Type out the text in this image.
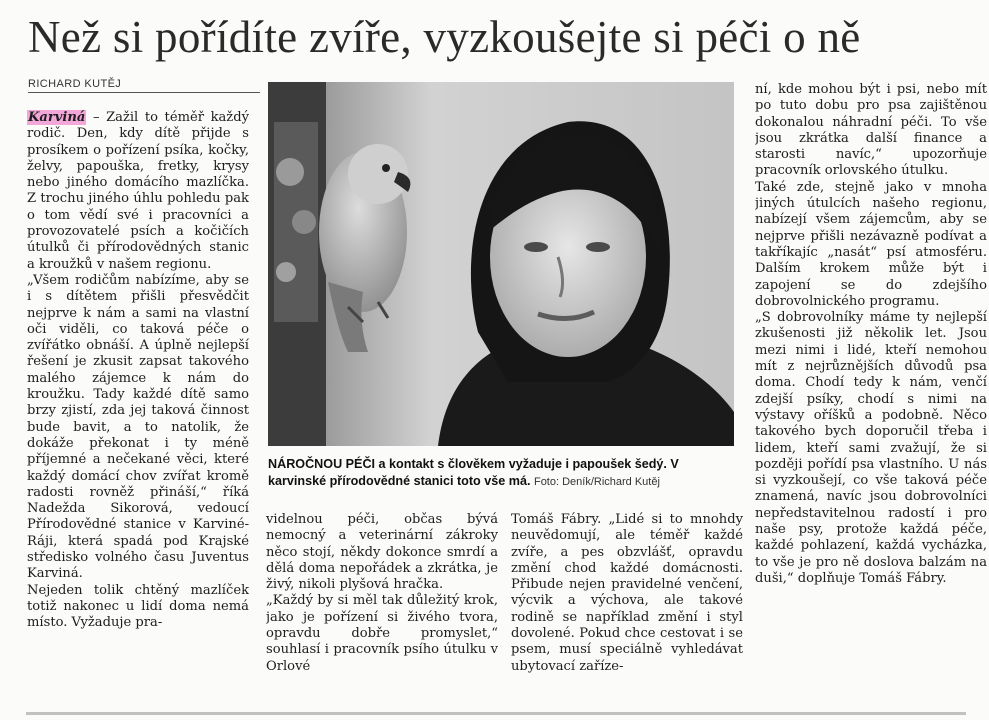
Než si pořídíte zvíře, vyzkoušejte si péči o ně
RICHARD KUTĚJ
Karviná – Zažil to téměř každý rodič. Den, kdy dítě přijde s prosíkem o pořízení psíka, kočky, želvy, papouška, fretky, krysy nebo jiného domácího mazlíčka. Z trochu jiného úhlu pohledu pak o tom vědí své i pracovníci a provozovatelé psích a kočičích útulků či přírodovědných stanic a kroužků v našem regionu.
„Všem rodičům nabízíme, aby se i s dítětem přišli přesvědčit nejprve k nám a sami na vlastní oči viděli, co taková péče o zvířátko obnáší. A úplně nejlepší řešení je zkusit zapsat takového malého zájemce k nám do kroužku. Tady každé dítě samo brzy zjistí, zda jej taková činnost bude bavit, a to natolik, že dokáže překonat i ty méně příjemné a nečekané věci, které každý domácí chov zvířat kromě radosti rovněž přináší,“ říká Nadežda Sikorová, vedoucí Přírodovědné stanice v Karviné-Ráji, která spadá pod Krajské středisko volného času Juventus Karviná.
Nejeden tolik chtěný mazlíček totiž nakonec u lidí doma nemá místo. Vyžaduje pra-
NÁROČNOU PÉČI a kontakt s člověkem vyžaduje i papoušek šedý. V karvinské přírodovědné stanici toto vše má. Foto: Deník/Richard Kutěj
videlnou péči, občas bývá nemocný a veterinární zákroky něco stojí, někdy dokonce smrdí a dělá doma nepořádek a zkrátka, je živý, nikoli plyšová hračka.
„Každý by si měl tak důležitý krok, jako je pořízení si živého tvora, opravdu dobře promyslet,“ souhlasí i pracovník psího útulku v Orlové
Tomáš Fábry. „Lidé si to mnohdy neuvědomují, ale téměř každé zvíře, a pes obzvlášť, opravdu změní chod každé domácnosti. Přibude nejen pravidelné venčení, výcvik a výchova, ale takové rodině se například změní i styl dovolené. Pokud chce cestovat i se psem, musí speciálně vyhledávat ubytovací zaříze-
ní, kde mohou být i psi, nebo mít po tuto dobu pro psa zajištěnou dokonalou náhradní péči. To vše jsou zkrátka další finance a starosti navíc,“ upozorňuje pracovník orlovského útulku.
Také zde, stejně jako v mnoha jiných útulcích našeho regionu, nabízejí všem zájemcům, aby se nejprve přišli nezávazně podívat a takříkajíc „nasát“ psí atmosféru. Dalším krokem může být i zapojení se do zdejšího dobrovolnického programu.
„S dobrovolníky máme ty nejlepší zkušenosti již několik let. Jsou mezi nimi i lidé, kteří nemohou mít z nejrůznějších důvodů psa doma. Chodí tedy k nám, venčí zdejší psíky, chodí s nimi na výstavy oříšků a podobně. Něco takového bych doporučil třeba i lidem, kteří sami zvažují, že si později pořídí psa vlastního. U nás si vyzkoušejí, co vše taková péče znamená, navíc jsou dobrovolníci nepředstavitelnou radostí i pro naše psy, protože každá péče, každé pohlazení, každá vycházka, to vše je pro ně doslova balzám na duši,“ doplňuje Tomáš Fábry.
